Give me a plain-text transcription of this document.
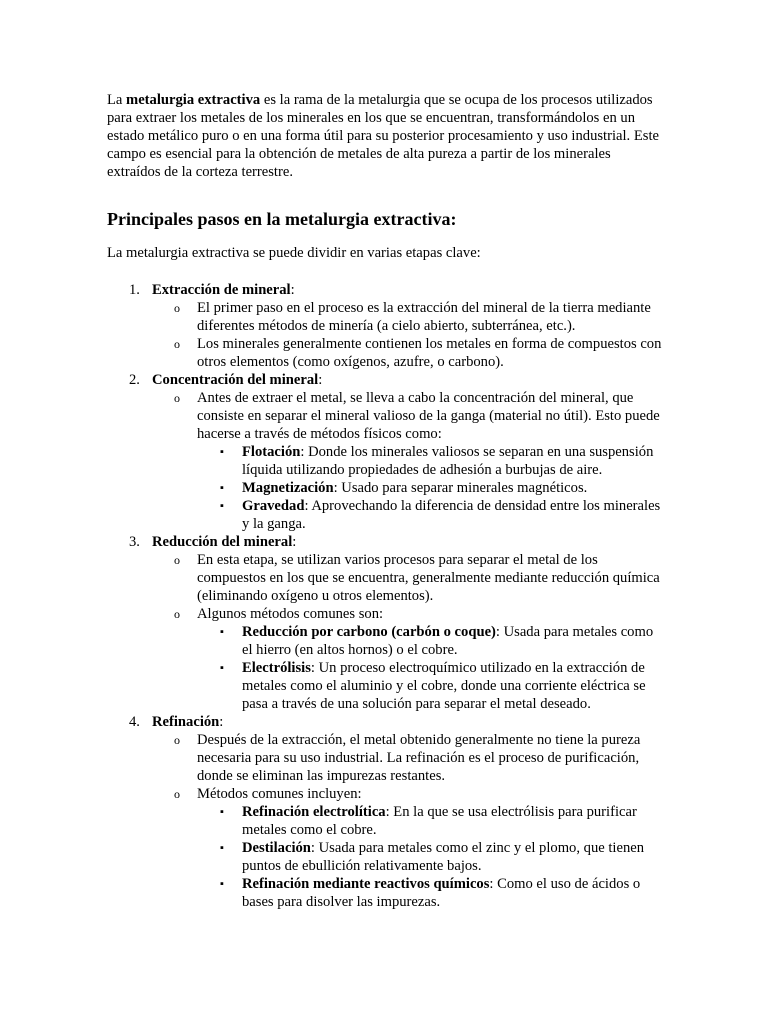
La metalurgia extractiva es la rama de la metalurgia que se ocupa de los procesos utilizados para extraer los metales de los minerales en los que se encuentran, transformándolos en un estado metálico puro o en una forma útil para su posterior procesamiento y uso industrial. Este campo es esencial para la obtención de metales de alta pureza a partir de los minerales extraídos de la corteza terrestre.

Principales pasos en la metalurgia extractiva:

La metalurgia extractiva se puede dividir en varias etapas clave:

1. Extracción de mineral:
o El primer paso en el proceso es la extracción del mineral de la tierra mediante diferentes métodos de minería (a cielo abierto, subterránea, etc.).
o Los minerales generalmente contienen los metales en forma de compuestos con otros elementos (como oxígenos, azufre, o carbono).
2. Concentración del mineral:
o Antes de extraer el metal, se lleva a cabo la concentración del mineral, que consiste en separar el mineral valioso de la ganga (material no útil). Esto puede hacerse a través de métodos físicos como:
▪ Flotación: Donde los minerales valiosos se separan en una suspensión líquida utilizando propiedades de adhesión a burbujas de aire.
▪ Magnetización: Usado para separar minerales magnéticos.
▪ Gravedad: Aprovechando la diferencia de densidad entre los minerales y la ganga.
3. Reducción del mineral:
o En esta etapa, se utilizan varios procesos para separar el metal de los compuestos en los que se encuentra, generalmente mediante reducción química (eliminando oxígeno u otros elementos).
o Algunos métodos comunes son:
▪ Reducción por carbono (carbón o coque): Usada para metales como el hierro (en altos hornos) o el cobre.
▪ Electrólisis: Un proceso electroquímico utilizado en la extracción de metales como el aluminio y el cobre, donde una corriente eléctrica se pasa a través de una solución para separar el metal deseado.
4. Refinación:
o Después de la extracción, el metal obtenido generalmente no tiene la pureza necesaria para su uso industrial. La refinación es el proceso de purificación, donde se eliminan las impurezas restantes.
o Métodos comunes incluyen:
▪ Refinación electrolítica: En la que se usa electrólisis para purificar metales como el cobre.
▪ Destilación: Usada para metales como el zinc y el plomo, que tienen puntos de ebullición relativamente bajos.
▪ Refinación mediante reactivos químicos: Como el uso de ácidos o bases para disolver las impurezas.
